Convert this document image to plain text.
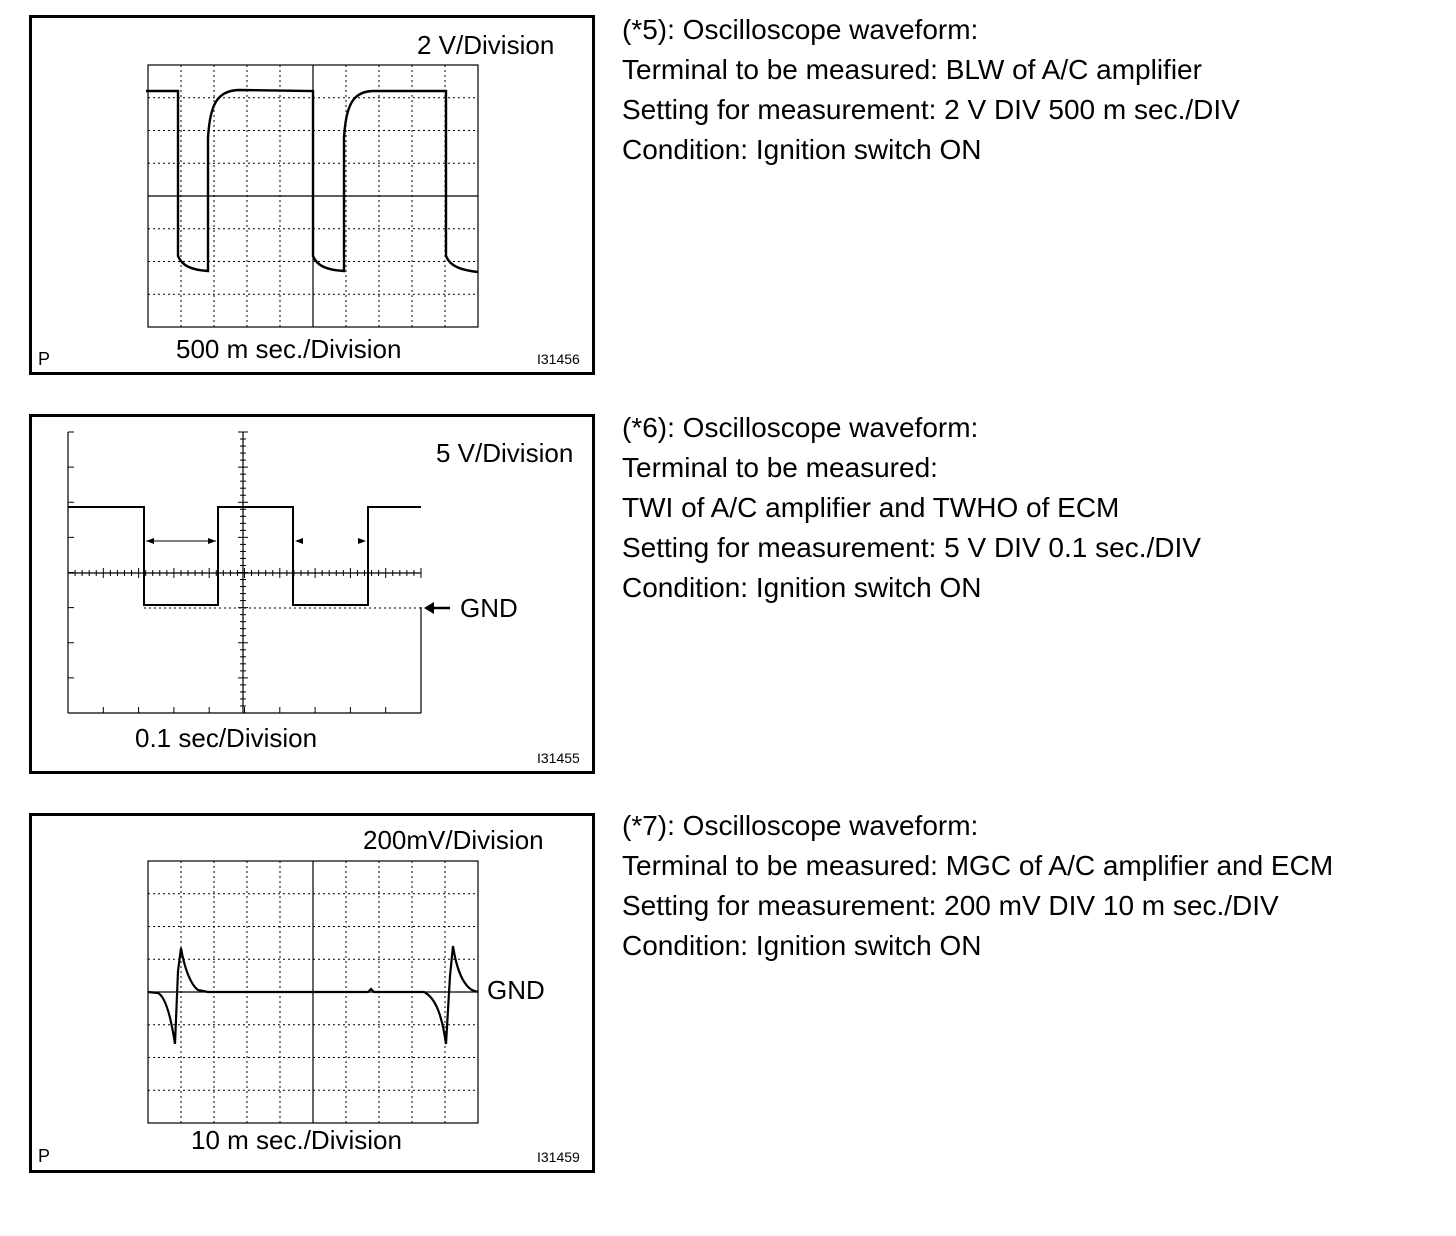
2 V/Division
500 m sec./Division
P	I31456
(*5): Oscilloscope waveform:
Terminal to be measured: BLW of A/C amplifier
Setting for measurement: 2 V DIV 500 m sec./DIV
Condition: Ignition switch ON
5 V/Division
GND
0.1 sec/Division
I31455
(*6): Oscilloscope waveform:
Terminal to be measured:
TWI of A/C amplifier and TWHO of ECM
Setting for measurement: 5 V DIV 0.1 sec./DIV
Condition: Ignition switch ON
200mV/Division
GND
10 m sec./Division
P	I31459
(*7): Oscilloscope waveform:
Terminal to be measured: MGC of A/C amplifier and ECM
Setting for measurement: 200 mV DIV 10 m sec./DIV
Condition: Ignition switch ON
